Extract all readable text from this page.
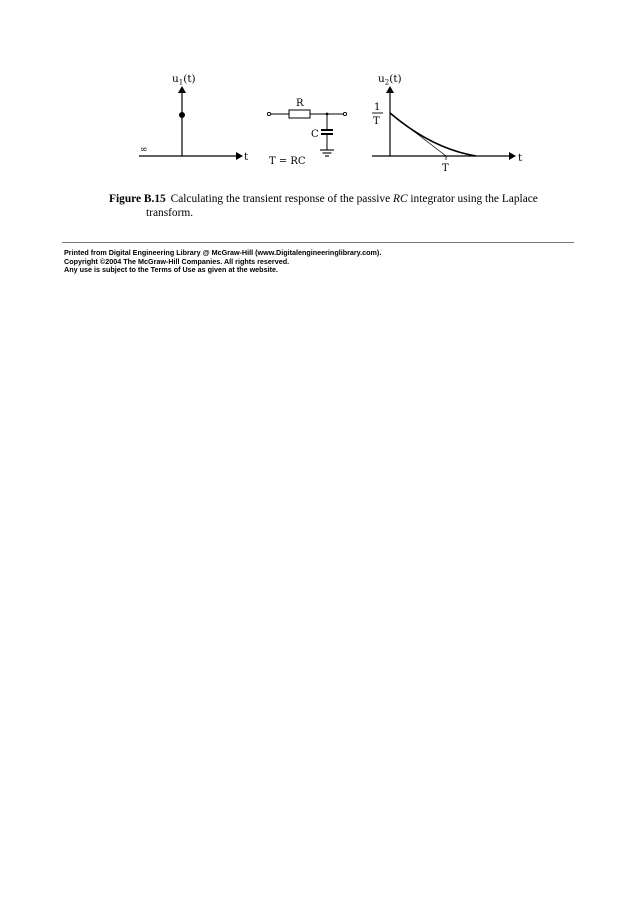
$u_1(t)$
t
∞
R
C
T = RC
$u_2(t)$
1
T
T
t
Figure B.15 Calculating the transient response of the passive RC integrator using the Laplace
transform.
Printed from Digital Engineering Library @ McGraw-Hill (www.Digitalengineeringlibrary.com).
Copyright ©2004 The McGraw-Hill Companies. All rights reserved.
Any use is subject to the Terms of Use as given at the website.
